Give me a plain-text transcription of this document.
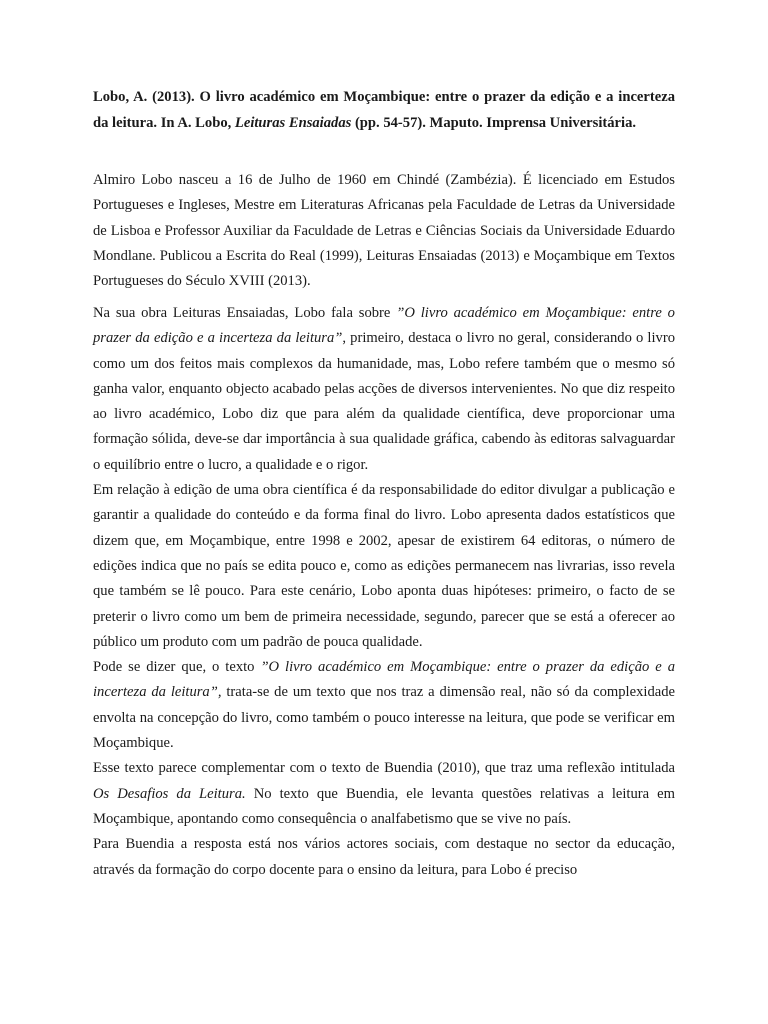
Lobo, A. (2013). O livro académico em Moçambique: entre o prazer da edição e a incerteza da leitura. In A. Lobo, Leituras Ensaiadas (pp. 54-57). Maputo. Imprensa Universitária.

Almiro Lobo nasceu a 16 de Julho de 1960 em Chindé (Zambézia). É licenciado em Estudos Portugueses e Ingleses, Mestre em Literaturas Africanas pela Faculdade de Letras da Universidade de Lisboa e Professor Auxiliar da Faculdade de Letras e Ciências Sociais da Universidade Eduardo Mondlane. Publicou a Escrita do Real (1999), Leituras Ensaiadas (2013) e Moçambique em Textos Portugueses do Século XVIII (2013).

Na sua obra Leituras Ensaiadas, Lobo fala sobre ”O livro académico em Moçambique: entre o prazer da edição e a incerteza da leitura”, primeiro, destaca o livro no geral, considerando o livro como um dos feitos mais complexos da humanidade, mas, Lobo refere também que o mesmo só ganha valor, enquanto objecto acabado pelas acções de diversos intervenientes. No que diz respeito ao livro académico, Lobo diz que para além da qualidade científica, deve proporcionar uma formação sólida, deve-se dar importância à sua qualidade gráfica, cabendo às editoras salvaguardar o equilíbrio entre o lucro, a qualidade e o rigor.

Em relação à edição de uma obra científica é da responsabilidade do editor divulgar a publicação e garantir a qualidade do conteúdo e da forma final do livro. Lobo apresenta dados estatísticos que dizem que, em Moçambique, entre 1998 e 2002, apesar de existirem 64 editoras, o número de edições indica que no país se edita pouco e, como as edições permanecem nas livrarias, isso revela que também se lê pouco. Para este cenário, Lobo aponta duas hipóteses: primeiro, o facto de se preterir o livro como um bem de primeira necessidade, segundo, parecer que se está a oferecer ao público um produto com um padrão de pouca qualidade.

Pode se dizer que, o texto ”O livro académico em Moçambique: entre o prazer da edição e a incerteza da leitura”, trata-se de um texto que nos traz a dimensão real, não só da complexidade envolta na concepção do livro, como também o pouco interesse na leitura, que pode se verificar em Moçambique.

Esse texto parece complementar com o texto de Buendia (2010), que traz uma reflexão intitulada Os Desafios da Leitura. No texto que Buendia, ele levanta questões relativas a leitura em Moçambique, apontando como consequência o analfabetismo que se vive no país.

Para Buendia a resposta está nos vários actores sociais, com destaque no sector da educação, através da formação do corpo docente para o ensino da leitura, para Lobo é preciso
